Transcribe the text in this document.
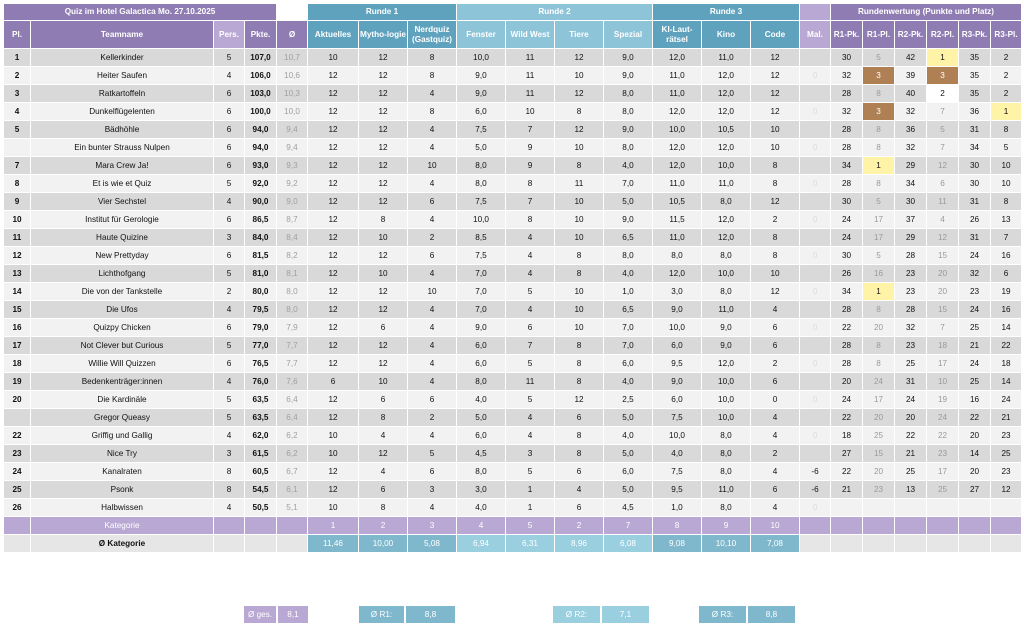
Quiz im Hotel Galactica Mo. 27.10.2025					Runde 1			Runde 2				Runde 3				Rundenwertung (Punkte und Platz)					
Pl.	Teamname	Pers.	Pkte.	Ø	Aktuelles	Mytho-logie	Nerdquiz (Gastquiz)	Fenster	Wild West	Tiere	Spezial	KI-Laut-rätsel	Kino	Code	Mal.	R1-Pk.	R1-Pl.	R2-Pk.	R2-Pl.	R3-Pk.	R3-Pl.
1	Kellerkinder	5	107,0	10,7	10	12	8	10,0	11	12	9,0	12,0	11,0	12	0	30	5	42	1	35	2
2	Heiter Saufen	4	106,0	10,6	12	12	8	9,0	11	10	9,0	11,0	12,0	12	0	32	3	39	3	35	2
3	Ratkartoffeln	6	103,0	10,3	12	12	4	9,0	11	12	8,0	11,0	12,0	12	0	28	8	40	2	35	2
4	Dunkelflügelenten	6	100,0	10,0	12	12	8	6,0	10	8	8,0	12,0	12,0	12	0	32	3	32	7	36	1
5	Bädhöhle	6	94,0	9,4	12	12	4	7,5	7	12	9,0	10,0	10,5	10	0	28	8	36	5	31	8
	Ein bunter Strauss Nulpen	6	94,0	9,4	12	12	4	5,0	9	10	8,0	12,0	12,0	10	0	28	8	32	7	34	5
7	Mara Crew Ja!	6	93,0	9,3	12	12	10	8,0	9	8	4,0	12,0	10,0	8	0	34	1	29	12	30	10
8	Et is wie et Quiz	5	92,0	9,2	12	12	4	8,0	8	11	7,0	11,0	11,0	8	0	28	8	34	6	30	10
9	Vier Sechstel	4	90,0	9,0	12	12	6	7,5	7	10	5,0	10,5	8,0	12	0	30	5	30	11	31	8
10	Institut für Gerologie	6	86,5	8,7	12	8	4	10,0	8	10	9,0	11,5	12,0	2	0	24	17	37	4	26	13
11	Haute Quizine	3	84,0	8,4	12	10	2	8,5	4	10	6,5	11,0	12,0	8	0	24	17	29	12	31	7
12	New Prettyday	6	81,5	8,2	12	12	6	7,5	4	8	8,0	8,0	8,0	8	0	30	5	28	15	24	16
13	Lichthofgang	5	81,0	8,1	12	10	4	7,0	4	8	4,0	12,0	10,0	10	0	26	16	23	20	32	6
14	Die von der Tankstelle	2	80,0	8,0	12	12	10	7,0	5	10	1,0	3,0	8,0	12	0	34	1	23	20	23	19
15	Die Ufos	4	79,5	8,0	12	12	4	7,0	4	10	6,5	9,0	11,0	4	0	28	8	28	15	24	16
16	Quizpy Chicken	6	79,0	7,9	12	6	4	9,0	6	10	7,0	10,0	9,0	6	0	22	20	32	7	25	14
17	Not Clever but Curious	5	77,0	7,7	12	12	4	6,0	7	8	7,0	6,0	9,0	6	0	28	8	23	18	21	22
18	Willie Will Quizzen	6	76,5	7,7	12	12	4	6,0	5	8	6,0	9,5	12,0	2	0	28	8	25	17	24	18
19	Bedenkenträger:innen	4	76,0	7,6	6	10	4	8,0	11	8	4,0	9,0	10,0	6	0	20	24	31	10	25	14
20	Die Kardinäle	5	63,5	6,4	12	6	6	4,0	5	12	2,5	6,0	10,0	0	0	24	17	24	19	16	24
	Gregor Queasy	5	63,5	6,4	12	8	2	5,0	4	6	5,0	7,5	10,0	4	0	22	20	20	24	22	21
22	Griffig und Gallig	4	62,0	6,2	10	4	4	6,0	4	8	4,0	10,0	8,0	4	0	18	25	22	22	20	23
23	Nice Try	3	61,5	6,2	10	12	5	4,5	3	8	5,0	4,0	8,0	2	0	27	15	21	23	14	25
24	Kanalraten	8	60,5	6,7	12	4	6	8,0	5	6	6,0	7,5	8,0	4	-6	22	20	25	17	20	23
25	Psonk	8	54,5	6,1	12	6	3	3,0	1	4	5,0	9,5	11,0	6	-6	21	23	13	25	27	12
26	Halbwissen	4	50,5	5,1	10	8	4	4,0	1	6	4,5	1,0	8,0	4	0						
	Kategorie				1	2	3	4	5	2	7	8	9	10							
	Ø Kategorie				11,46	10,00	5,08	6,94	6,31	8,96	6,08	9,08	10,10	7,08							
Ø ges.	8,1	Ø R1:	8,8	Ø R2:	7,1	Ø R3:	8,8
